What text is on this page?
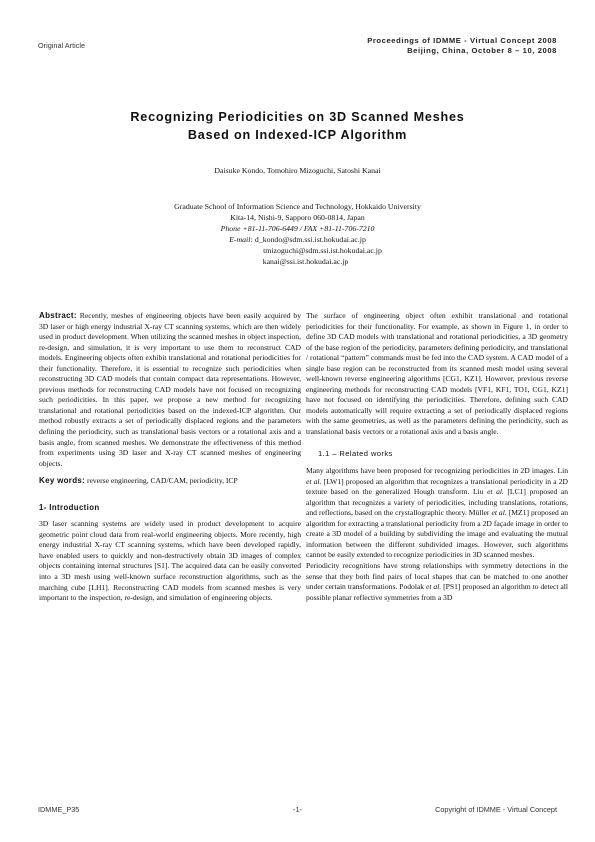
Original Article
Proceedings of IDMME - Virtual Concept 2008
Beijing, China, October 8 – 10, 2008
Recognizing Periodicities on 3D Scanned Meshes
Based on Indexed-ICP Algorithm
Daisuke Kondo, Tomohiro Mizoguchi, Satoshi Kanai
Graduate School of Information Science and Technology, Hokkaido University
Kita-14, Nishi-9, Sapporo 060-0814, Japan
Phone +81-11-706-6449 / FAX +81-11-706-7210
E-mail: d_kondo@sdm.ssi.ist.hokudai.ac.jp
tmizoguchi@sdm.ssi.ist.hokudai.ac.jp
kanai@ssi.ist.hokudai.ac.jp

Abstract: Recently, meshes of engineering objects have been easily acquired by 3D laser or high energy industrial X-ray CT scanning systems, which are then widely used in product development. When utilizing the scanned meshes in object inspection, re-design, and simulation, it is very important to use them to reconstruct CAD models. Engineering objects often exhibit translational and rotational periodicities for their functionality. Therefore, it is essential to recognize such periodicities when reconstructing 3D CAD models that contain compact data representations. However, previous methods for reconstructing CAD models have not focused on recognizing such periodicities. In this paper, we propose a new method for recognizing translational and rotational periodicities based on the indexed-ICP algorithm. Our method robustly extracts a set of periodically displaced regions and the parameters defining the periodicity, such as translational basis vectors or a rotational axis and a basis angle, from scanned meshes. We demonstrate the effectiveness of this method from experiments using 3D laser and X-ray CT scanned meshes of engineering objects.

Key words: reverse engineering, CAD/CAM, periodicity, ICP

1- Introduction

3D laser scanning systems are widely used in product development to acquire geometric point cloud data from real-world engineering objects. More recently, high energy industrial X-ray CT scanning systems, which have been developed rapidly, have enabled users to quickly and non-destructively obtain 3D images of complex objects containing internal structures [S1]. The acquired data can be easily converted into a 3D mesh using well-known surface reconstruction algorithms, such as the marching cube [LH1]. Reconstructing CAD models from scanned meshes is very important to the inspection, re-design, and simulation of engineering objects.

The surface of engineering object often exhibit translational and rotational periodicities for their functionality. For example, as shown in Figure 1, in order to define 3D CAD models with translational and rotational periodicities, a 3D geometry of the base region of the periodicity, parameters defining periodicity, and translational / rotational “pattern” commands must be fed into the CAD system. A CAD model of a single base region can be reconstructed from its scanned mesh model using several well-known reverse engineering algorithms [CG1, KZ1]. However, previous reverse engineering methods for reconstructing CAD models [VF1, KF1, TO1, CG1, KZ1] have not focused on identifying the periodicities. Therefore, defining such CAD models automatically will require extracting a set of periodically displaced regions with the same geometries, as well as the parameters defining the periodicity, such as translational basis vectors or a rotational axis and a basis angle.

1.1 – Related works

Many algorithms have been proposed for recognizing periodicities in 2D images. Lin et al. [LW1] proposed an algorithm that recognizes a translational periodicity in a 2D texture based on the generalized Hough transform. Liu et al. [LC1] proposed an algorithm that recognizes a variety of periodicities, including translations, rotations, and reflections, based on the crystallographic theory. Müller et al. [MZ1] proposed an algorithm for extracting a translational periodicity from a 2D façade image in order to create a 3D model of a building by subdividing the image and evaluating the mutual information between the different subdivided images. However, such algorithms cannot be easily extended to recognize periodicities in 3D scanned meshes.

Periodicity recognitions have strong relationships with symmetry detections in the sense that they both find pairs of local shapes that can be matched to one another under certain transformations. Podolak et al. [PS1] proposed an algorithm to detect all possible planar reflective symmetries from a 3D

IDMME_P35	-1-	Copyright of IDMME - Virtual Concept
